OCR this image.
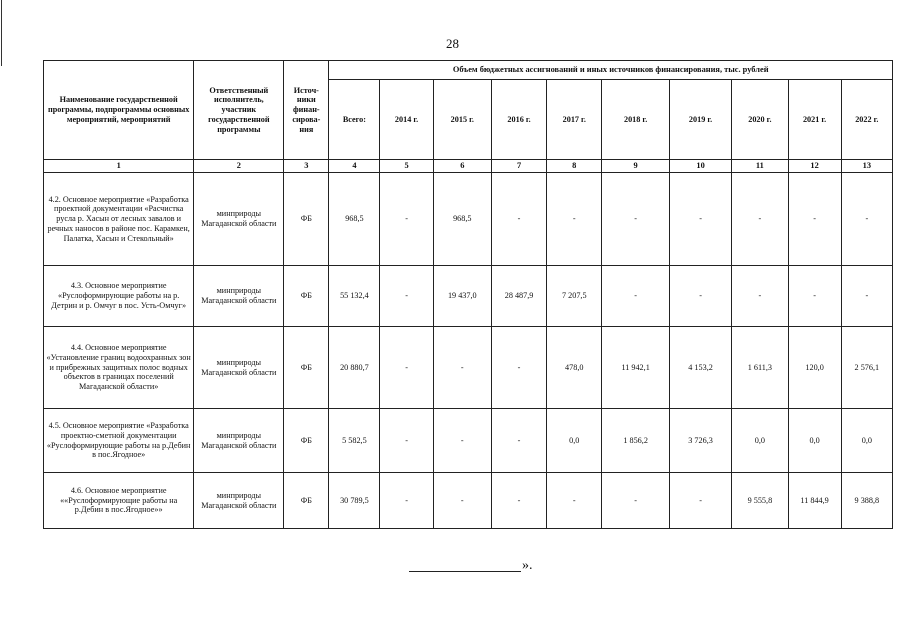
28
Наименование государственной программы, подпрограммы основных мероприятий, мероприятий	Ответственный исполнитель, участник государственной программы	Источ-ники финан-сирова-ния	Объем бюджетных ассигнований и иных источников финансирования, тыс. рублей									
			Всего:	2014 г.	2015 г.	2016 г.	2017 г.	2018 г.	2019 г.	2020 г.	2021 г.	2022 г.
1	2	3	4	5	6	7	8	9	10	11	12	13
4.2. Основное мероприятие «Разработка проектной документации «Расчистка русла р. Хасын от лесных завалов и речных наносов в районе пос. Карамкен, Палатка, Хасын и Стекольный»	минприроды Магаданской области	ФБ	968,5	-	968,5	-	-	-	-	-	-	-
4.3. Основное мероприятие «Руслоформирующие работы на р. Детрин и р. Омчуг в пос. Усть-Омчуг»	минприроды Магаданской области	ФБ	55 132,4	-	19 437,0	28 487,9	7 207,5	-	-	-	-	-
4.4. Основное мероприятие «Установление границ водоохранных зон и прибрежных защитных полос водных объектов в границах поселений Магаданской области»	минприроды Магаданской области	ФБ	20 880,7	-	-	-	478,0	11 942,1	4 153,2	1 611,3	120,0	2 576,1
4.5. Основное мероприятие «Разработка проектно-сметной документации «Руслоформирующие работы на р.Дебин в пос.Ягодное»	минприроды Магаданской области	ФБ	5 582,5	-	-	-	0,0	1 856,2	3 726,3	0,0	0,0	0,0
4.6. Основное мероприятие ««Руслоформирующие работы на р.Дебин в пос.Ягодное»»	минприроды Магаданской области	ФБ	30 789,5	-	-	-	-	-	-	9 555,8	11 844,9	9 388,8
».
